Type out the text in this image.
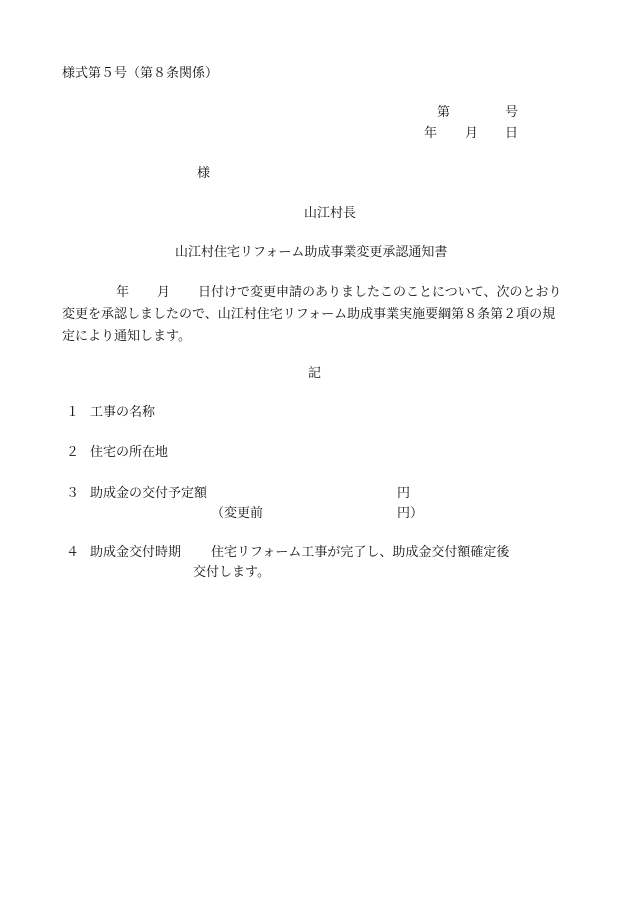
様式第５号（第８条関係）
第	号
年 月 日
様
山江村長
山江村住宅リフォーム助成事業変更承認通知書
年 月 日付けで変更申請のありましたこのことについて、次のとおり
変更を承認しましたので、山江村住宅リフォーム助成事業実施要綱第８条第２項の規
定により通知します。
記
１ 工事の名称
２ 住宅の所在地
３ 助成金の交付予定額	円
（変更前	円）
４ 助成金交付時期 住宅リフォーム工事が完了し、助成金交付額確定後
交付します。
